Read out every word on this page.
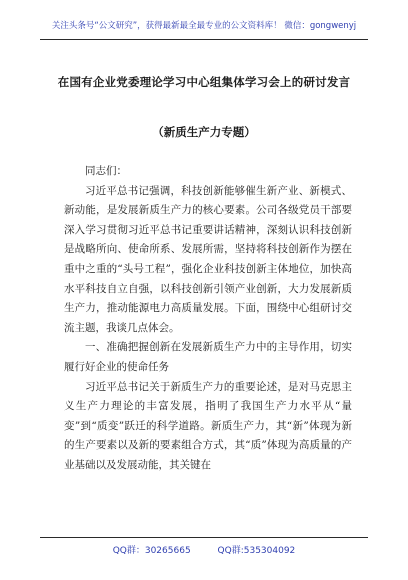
关注头条号“公文研究”，获得最新最全最专业的公文资料库！ 微信：gongwenyj
在国有企业党委理论学习中心组集体学习会上的研讨发言
（新质生产力专题）

同志们：

习近平总书记强调，科技创新能够催生新产业、新模式、新动能，是发展新质生产力的核心要素。公司各级党员干部要深入学习贯彻习近平总书记重要讲话精神，深刻认识科技创新是战略所向、使命所系、发展所需，坚持将科技创新作为摆在重中之重的“头号工程”，强化企业科技创新主体地位，加快高水平科技自立自强，以科技创新引领产业创新，大力发展新质生产力，推动能源电力高质量发展。下面，围绕中心组研讨交流主题，我谈几点体会。

一、准确把握创新在发展新质生产力中的主导作用，切实履行好企业的使命任务

习近平总书记关于新质生产力的重要论述，是对马克思主义生产力理论的丰富发展，指明了我国生产力水平从“量变”到“质变”跃迁的科学道路。新质生产力，其“新”体现为新的生产要素以及新的要素组合方式，其“质”体现为高质量的产业基础以及发展动能，其关键在

QQ群：30265665	QQ群:535304092
